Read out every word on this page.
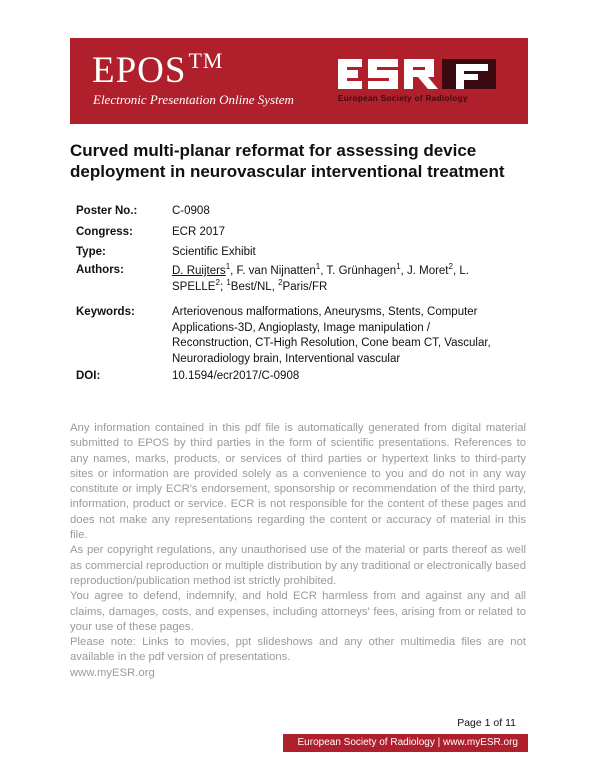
EPOS™
Electronic Presentation Online System	European Society of Radiology
Curved multi-planar reformat for assessing device deployment in neurovascular interventional treatment
Poster No.:	C-0908
Congress:	ECR 2017
Type:	Scientific Exhibit
Authors:	D. Ruijters$^1$, F. van Nijnatten$^1$, T. Grünhagen$^1$, J. Moret$^2$, L. SPELLE$^2$; $^1$Best/NL, $^2$Paris/FR
Keywords:	Arteriovenous malformations, Aneurysms, Stents, Computer Applications-3D, Angioplasty, Image manipulation / Reconstruction, CT-High Resolution, Cone beam CT, Vascular, Neuroradiology brain, Interventional vascular
DOI:	10.1594/ecr2017/C-0908

Any information contained in this pdf file is automatically generated from digital material submitted to EPOS by third parties in the form of scientific presentations. References to any names, marks, products, or services of third parties or hypertext links to third-party sites or information are provided solely as a convenience to you and do not in any way constitute or imply ECR's endorsement, sponsorship or recommendation of the third party, information, product or service. ECR is not responsible for the content of these pages and does not make any representations regarding the content or accuracy of material in this file.

As per copyright regulations, any unauthorised use of the material or parts thereof as well as commercial reproduction or multiple distribution by any traditional or electronically based reproduction/publication method ist strictly prohibited.

You agree to defend, indemnify, and hold ECR harmless from and against any and all claims, damages, costs, and expenses, including attorneys' fees, arising from or related to your use of these pages.

Please note: Links to movies, ppt slideshows and any other multimedia files are not available in the pdf version of presentations.

www.myESR.org

Page 1 of 11
European Society of Radiology | www.myESR.org
